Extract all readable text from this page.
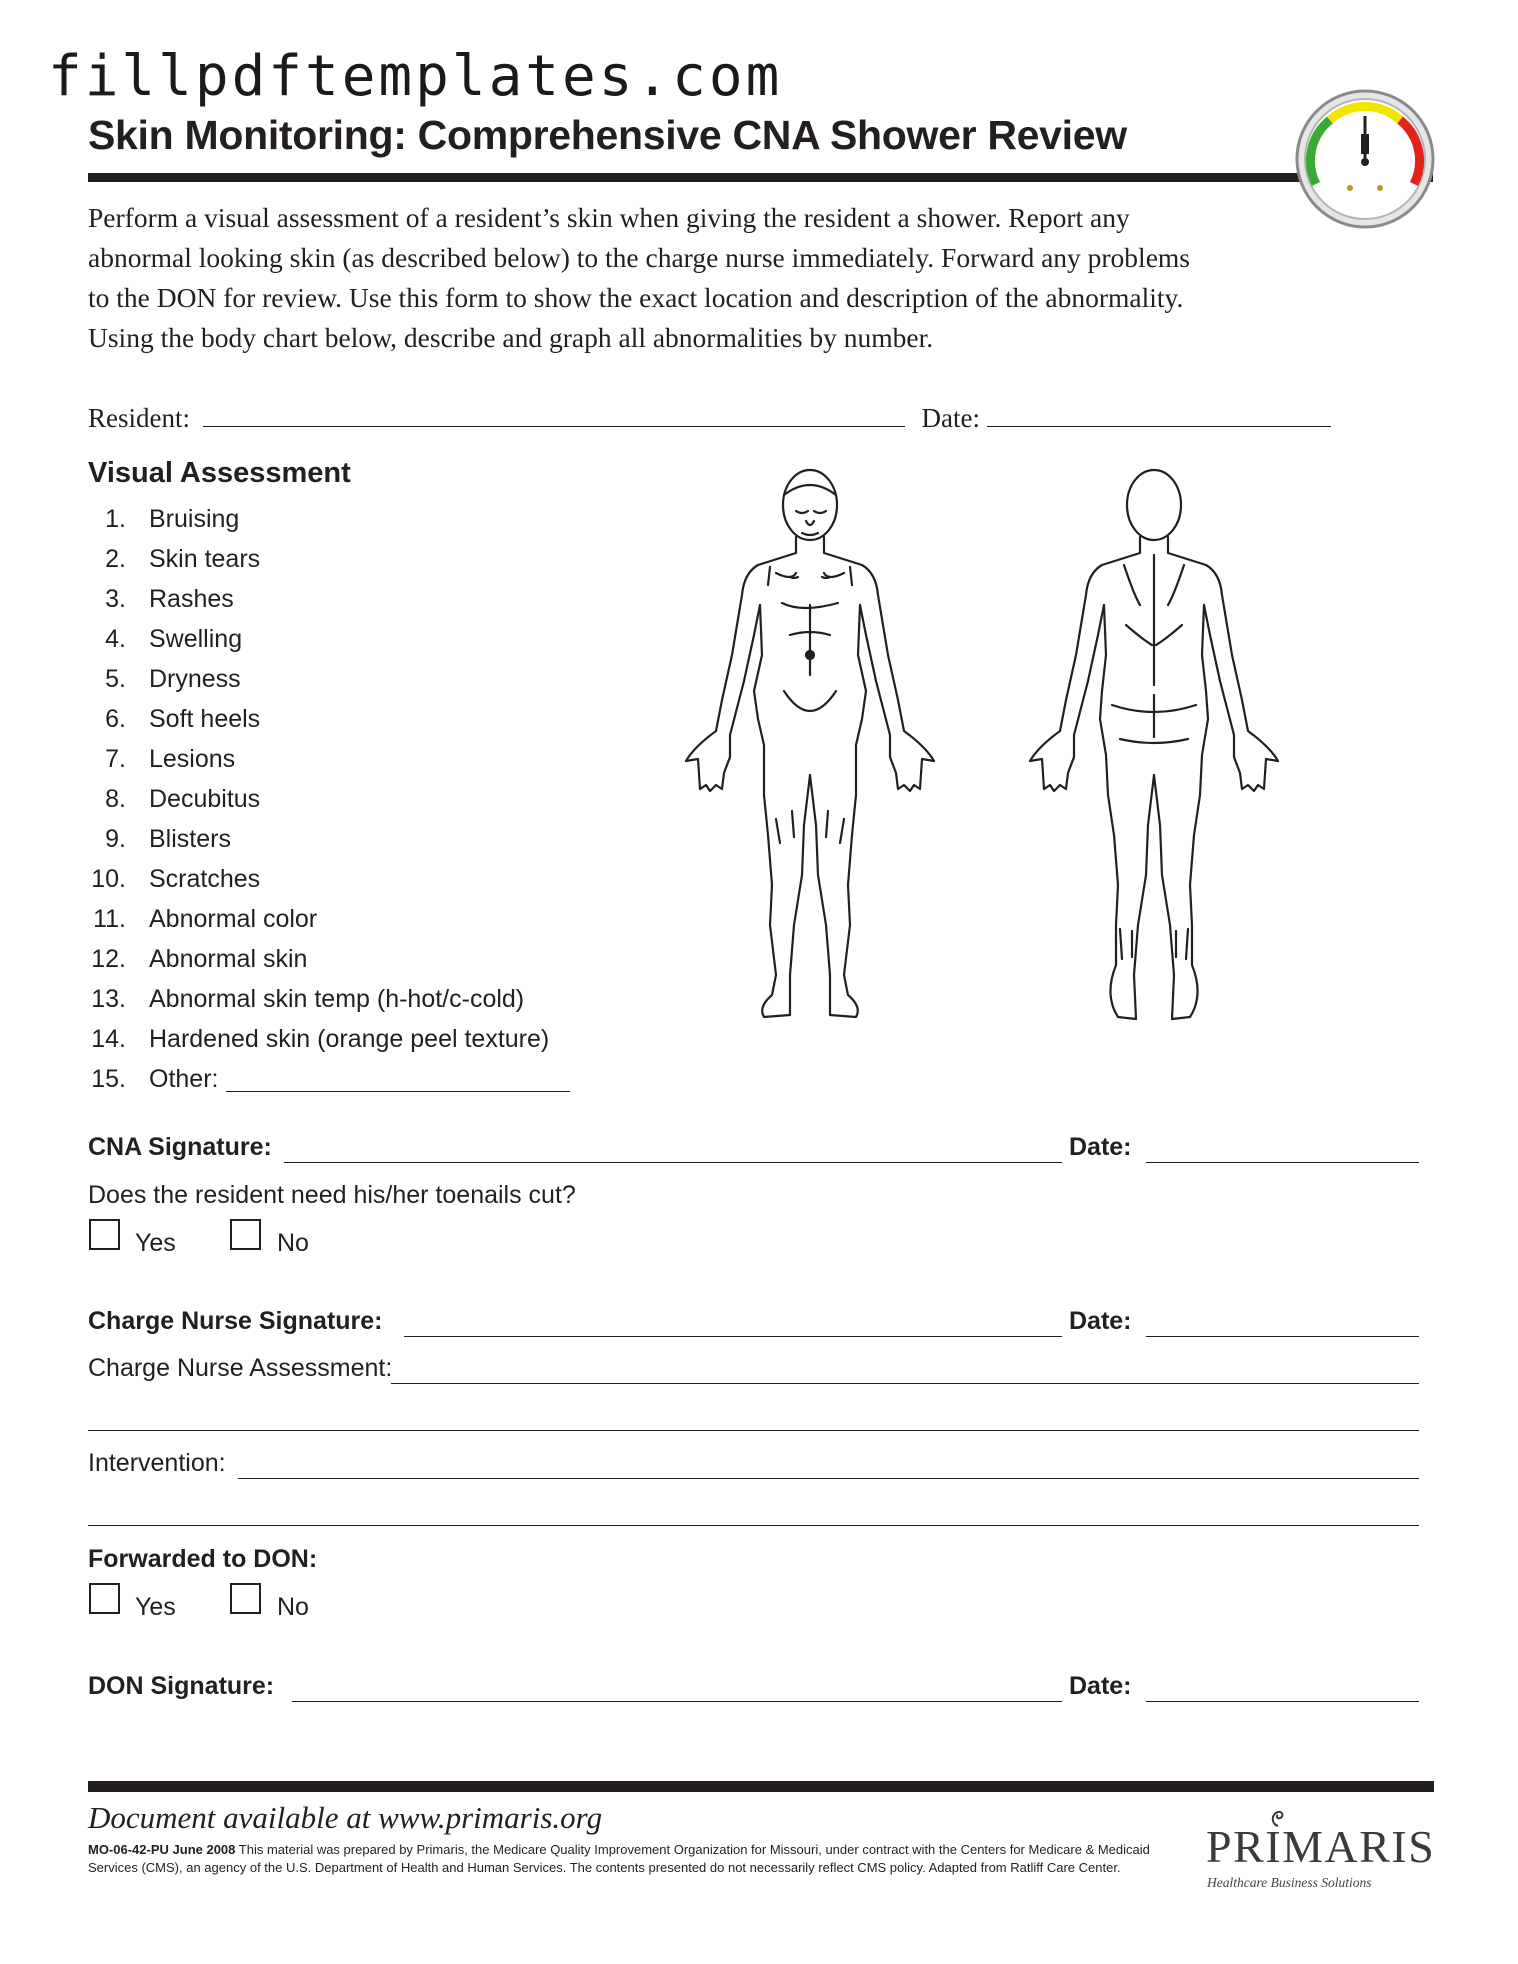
fillpdftemplates.com
Skin Monitoring: Comprehensive CNA Shower Review
Perform a visual assessment of a resident’s skin when giving the resident a shower. Report any
abnormal looking skin (as described below) to the charge nurse immediately. Forward any problems
to the DON for review. Use this form to show the exact location and description of the abnormality.
Using the body chart below, describe and graph all abnormalities by number.
Resident:	Date:
Visual Assessment
1. Bruising
2. Skin tears
3. Rashes
4. Swelling
5. Dryness
6. Soft heels
7. Lesions
8. Decubitus
9. Blisters
10. Scratches
11. Abnormal color
12. Abnormal skin
13. Abnormal skin temp (h-hot/c-cold)
14. Hardened skin (orange peel texture)
15. Other:
CNA Signature:	Date:
Does the resident need his/her toenails cut?
Yes	No
Charge Nurse Signature:	Date:
Charge Nurse Assessment:
Intervention:
Forwarded to DON:
Yes	No
DON Signature:	Date:
Document available at www.primaris.org
MO-06-42-PU June 2008 This material was prepared by Primaris, the Medicare Quality Improvement Organization for Missouri, under contract with the Centers for Medicare & Medicaid Services (CMS), an agency of the U.S. Department of Health and Human Services. The contents presented do not necessarily reflect CMS policy. Adapted from Ratliff Care Center.	PRIMARIS
Healthcare Business Solutions
